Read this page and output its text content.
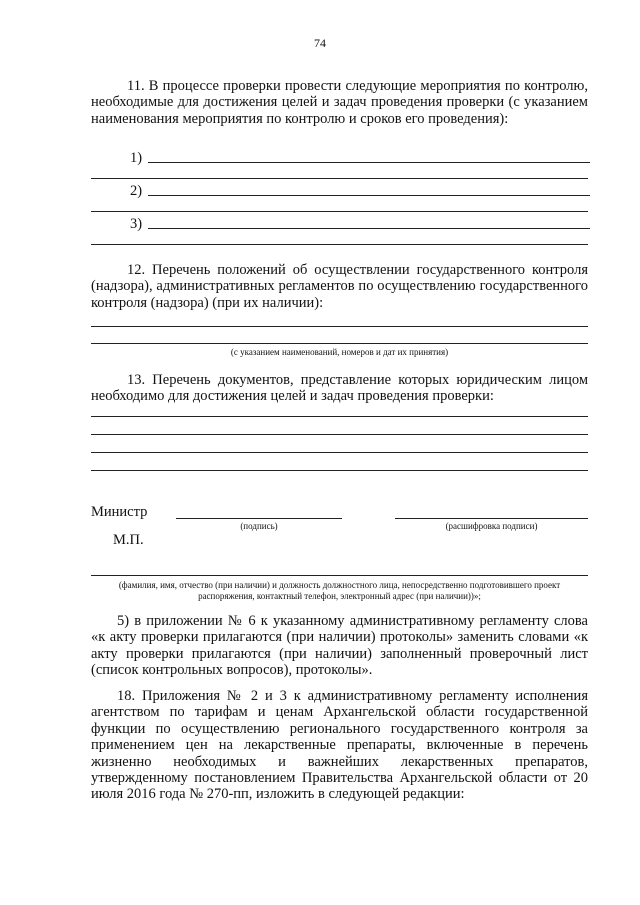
74
11. В процессе проверки провести следующие мероприятия по контролю, необходимые для достижения целей и задач проведения проверки (с указанием наименования мероприятия по контролю и сроков его проведения):
1)
2)
3)
12. Перечень положений об осуществлении государственного контроля (надзора), административных регламентов по осуществлению государственного контроля (надзора) (при их наличии):
(с указанием наименований, номеров и дат их принятия)
13. Перечень документов, представление которых юридическим лицом необходимо для достижения целей и задач проведения проверки:
Министр
(подпись)	(расшифровка подписи)
М.П.
(фамилия, имя, отчество (при наличии) и должность должностного лица, непосредственно подготовившего проект распоряжения, контактный телефон, электронный адрес (при наличии))»;
5) в приложении № 6 к указанному административному регламенту слова «к акту проверки прилагаются (при наличии) протоколы» заменить словами «к акту проверки прилагаются (при наличии) заполненный проверочный лист (список контрольных вопросов), протоколы».
18. Приложения № 2 и 3 к административному регламенту исполнения агентством по тарифам и ценам Архангельской области государственной функции по осуществлению регионального государственного контроля за применением цен на лекарственные препараты, включенные в перечень жизненно необходимых и важнейших лекарственных препаратов, утвержденному постановлением Правительства Архангельской области от 20 июля 2016 года № 270-пп, изложить в следующей редакции:
